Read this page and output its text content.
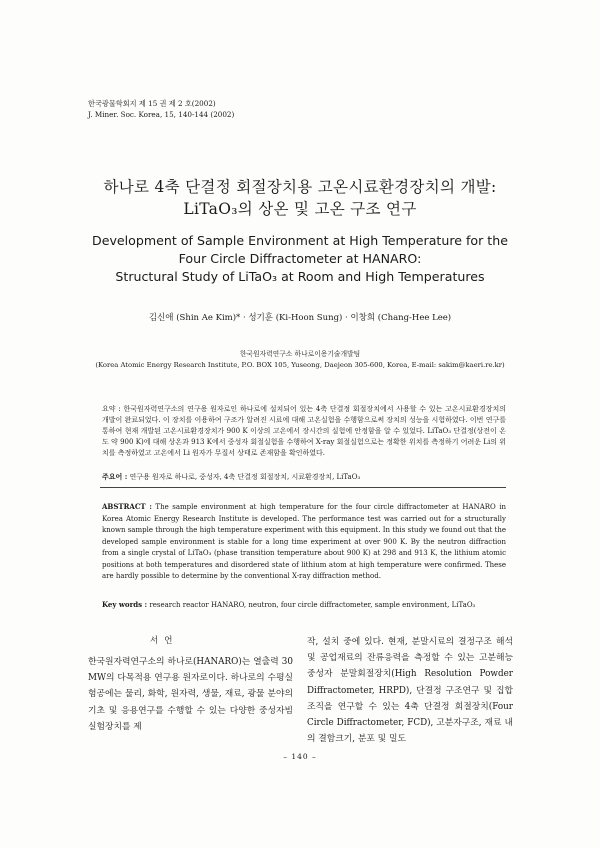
한국광물학회지 제 15 권 제 2 호(2002)
J. Miner. Soc. Korea, 15, 140-144 (2002)
하나로 4축 단결정 회절장치용 고온시료환경장치의 개발:
LiTaO₃의 상온 및 고온 구조 연구
Development of Sample Environment at High Temperature for the
Four Circle Diffractometer at HANARO:
Structural Study of LiTaO₃ at Room and High Temperatures
김신애 (Shin Ae Kim)* · 성기훈 (Ki-Hoon Sung) · 이창희 (Chang-Hee Lee)
한국원자력연구소 하나로이용기술개발팀
(Korea Atomic Energy Research Institute, P.O. BOX 105, Yuseong, Daejeon 305-600, Korea, E-mail: sakim@kaeri.re.kr)
요약 : 한국원자력연구소의 연구용 원자로인 하나로에 설치되어 있는 4축 단결정 회절장치에서 사용할 수 있는 고온시료환경장치의 개발이 완료되었다. 이 장치를 이용하여 구조가 알려진 시료에 대해 고온실험을 수행함으로써 장치의 성능을 시험하였다. 이번 연구를 통하여 현재 개발된 고온시료환경장치가 900 K 이상의 고온에서 장시간의 실험에 안정함을 알 수 있었다. LiTaO₃ 단결정(상전이 온도 약 900 K)에 대해 상온과 913 K에서 중성자 회절실험을 수행하여 X-ray 회절실험으로는 정확한 위치를 측정하기 어려운 Li의 위치를 측정하였고 고온에서 Li 원자가 무질서 상태로 존재함을 확인하였다.
주요어 : 연구용 원자로 하나로, 중성자, 4축 단결정 회절장치, 시료환경장치, LiTaO₃
ABSTRACT : The sample environment at high temperature for the four circle diffractometer at HANARO in Korea Atomic Energy Research Institute is developed. The performance test was carried out for a structurally known sample through the high temperature experiment with this equipment. In this study we found out that the developed sample environment is stable for a long time experiment at over 900 K. By the neutron diffraction from a single crystal of LiTaO₃ (phase transition temperature about 900 K) at 298 and 913 K, the lithium atomic positions at both temperatures and disordered state of lithium atom at high temperature were confirmed. These are hardly possible to determine by the conventional X-ray diffraction method.
Key words : research reactor HANARO, neutron, four circle diffractometer, sample environment, LiTaO₃
서언
한국원자력연구소의 하나로(HANARO)는 열출력 30 MW의 다목적용 연구용 원자로이다. 하나로의 수평실험공에는 물리, 화학, 원자력, 생물, 재료, 광물 분야의 기초 및 응용연구를 수행할 수 있는 다양한 중성자빔 실험장치를 제
작, 설치 중에 있다. 현재, 분말시료의 결정구조 해석 및 공업재료의 잔류응력을 측정할 수 있는 고분해능 중성자 분말회절장치(High Resolution Powder Diffractometer, HRPD), 단결정 구조연구 및 집합조직을 연구할 수 있는 4축 단결정 회절장치(Four Circle Diffractometer, FCD), 고분자구조, 재료 내의 결함크기, 분포 및 밀도
– 140 –
